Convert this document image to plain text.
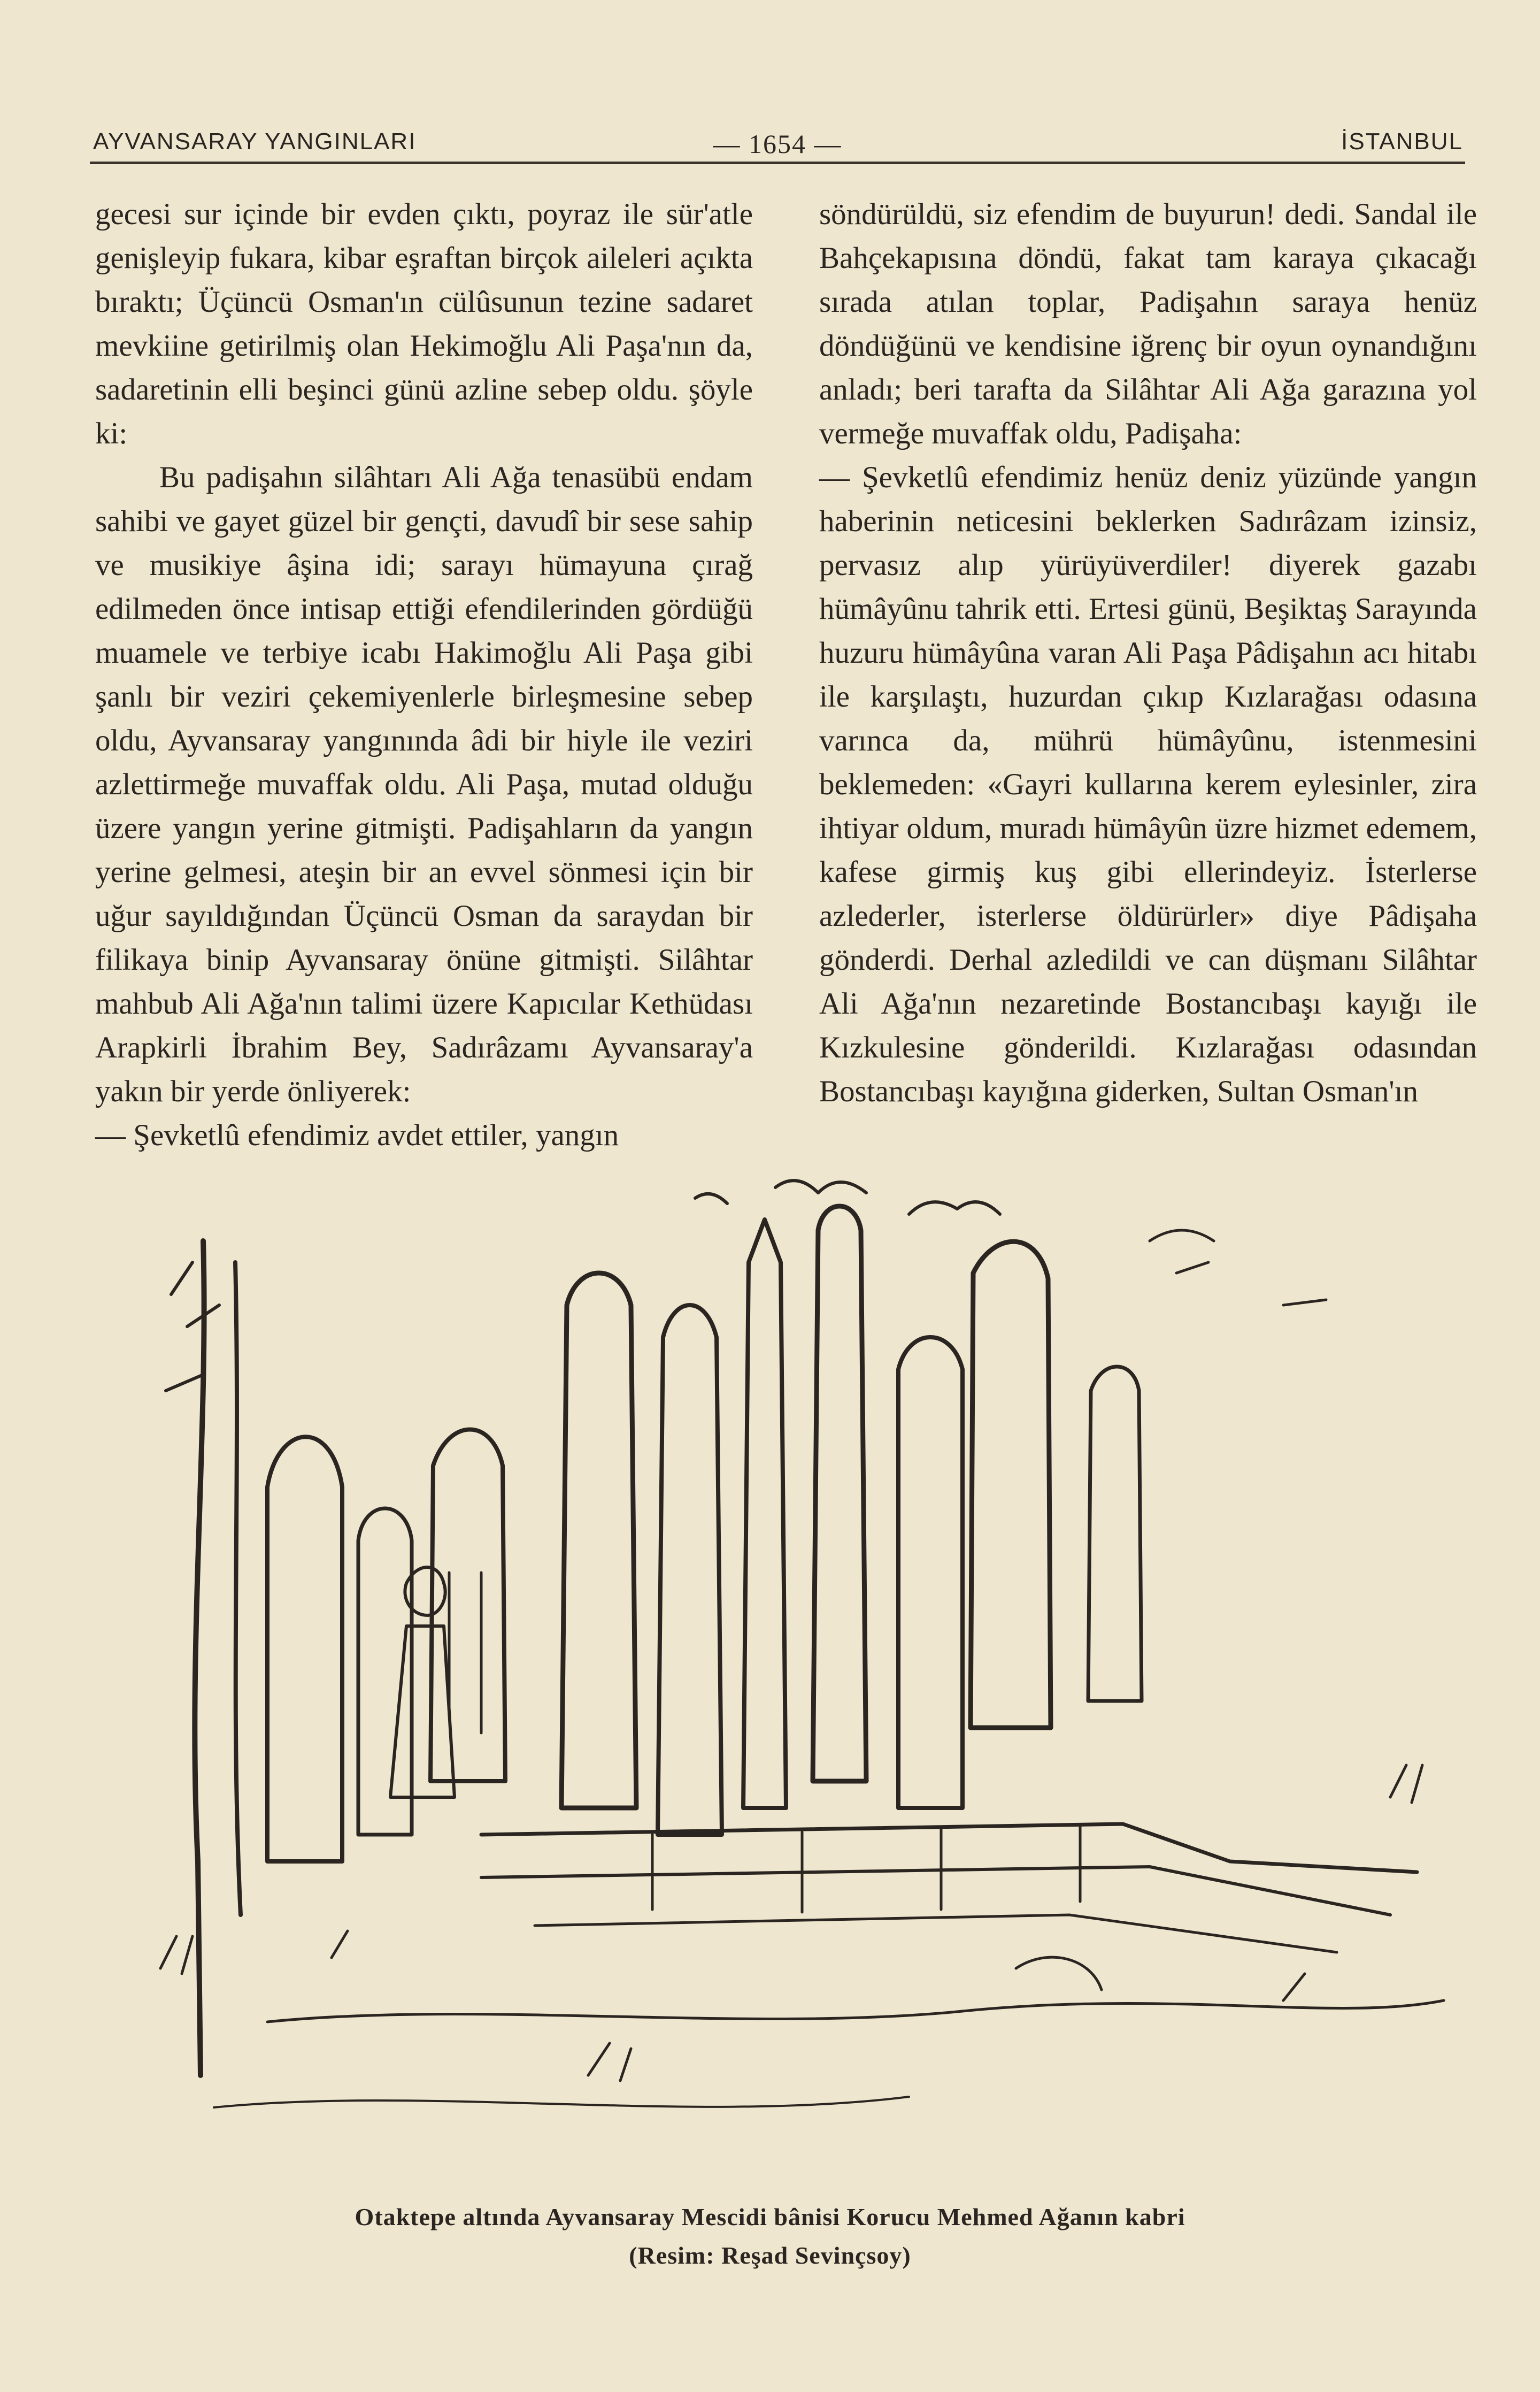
AYVANSARAY YANGINLARI	— 1654 —	İSTANBUL

gecesi sur içinde bir evden çıktı, poyraz ile sür'atle genişleyip fukara, kibar eşraftan birçok aileleri açıkta bıraktı; Üçüncü Osman'ın cülûsunun tezine sadaret mevkiine getirilmiş olan Hekimoğlu Ali Paşa'nın da, sadaretinin elli beşinci günü azline sebep oldu. şöyle ki:

Bu padişahın silâhtarı Ali Ağa tenasübü endam sahibi ve gayet güzel bir gençti, davudî bir sese sahip ve musikiye âşina idi; sarayı hümayuna çırağ edilmeden önce intisap ettiği efendilerinden gördüğü muamele ve terbiye icabı Hakimoğlu Ali Paşa gibi şanlı bir veziri çekemiyenlerle birleşmesine sebep oldu, Ayvansaray yangınında âdi bir hiyle ile veziri azlettirmeğe muvaffak oldu. Ali Paşa, mutad olduğu üzere yangın yerine gitmişti. Padişahların da yangın yerine gelmesi, ateşin bir an evvel sönmesi için bir uğur sayıldığından Üçüncü Osman da saraydan bir filikaya binip Ayvansaray önüne gitmişti. Silâhtar mahbub Ali Ağa'nın talimi üzere Kapıcılar Kethüdası Arapkirli İbrahim Bey, Sadırâzamı Ayvansaray'a yakın bir yerde önliyerek:

— Şevketlû efendimiz avdet ettiler, yangın

söndürüldü, siz efendim de buyurun! dedi. Sandal ile Bahçekapısına döndü, fakat tam karaya çıkacağı sırada atılan toplar, Padişahın saraya henüz döndüğünü ve kendisine iğrenç bir oyun oynandığını anladı; beri tarafta da Silâhtar Ali Ağa garazına yol vermeğe muvaffak oldu, Padişaha:

— Şevketlû efendimiz henüz deniz yüzünde yangın haberinin neticesini beklerken Sadırâzam izinsiz, pervasız alıp yürüyüverdiler! diyerek gazabı hümâyûnu tahrik etti. Ertesi günü, Beşiktaş Sarayında huzuru hümâyûna varan Ali Paşa Pâdişahın acı hitabı ile karşılaştı, huzurdan çıkıp Kızlarağası odasına varınca da, mührü hümâyûnu, istenmesini beklemeden: «Gayri kullarına kerem eylesinler, zira ihtiyar oldum, muradı hümâyûn üzre hizmet edemem, kafese girmiş kuş gibi ellerindeyiz. İsterlerse azlederler, isterlerse öldürürler» diye Pâdişaha gönderdi. Derhal azledildi ve can düşmanı Silâhtar Ali Ağa'nın nezaretinde Bostancıbaşı kayığı ile Kızkulesine gönderildi. Kızlarağası odasından Bostancıbaşı kayığına giderken, Sultan Osman'ın

Otaktepe altında Ayvansaray Mescidi bânisi Korucu Mehmed Ağanın kabri
(Resim: Reşad Sevinçsoy)
